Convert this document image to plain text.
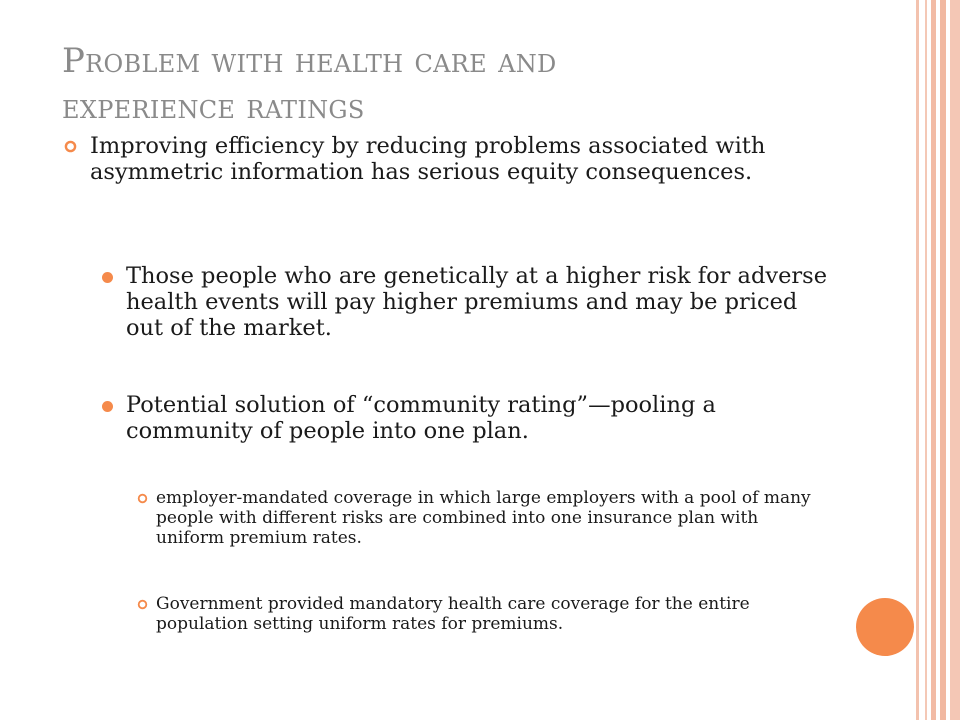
Problem with health care and
experience ratings
Improving efficiency by reducing problems associated with asymmetric information has serious equity consequences.
Those people who are genetically at a higher risk for adverse health events will pay higher premiums and may be priced out of the market.
Potential solution of “community rating”—pooling a community of people into one plan.
employer-mandated coverage in which large employers with a pool of many people with different risks are combined into one insurance plan with uniform premium rates.
Government provided mandatory health care coverage for the entire population setting uniform rates for premiums.
